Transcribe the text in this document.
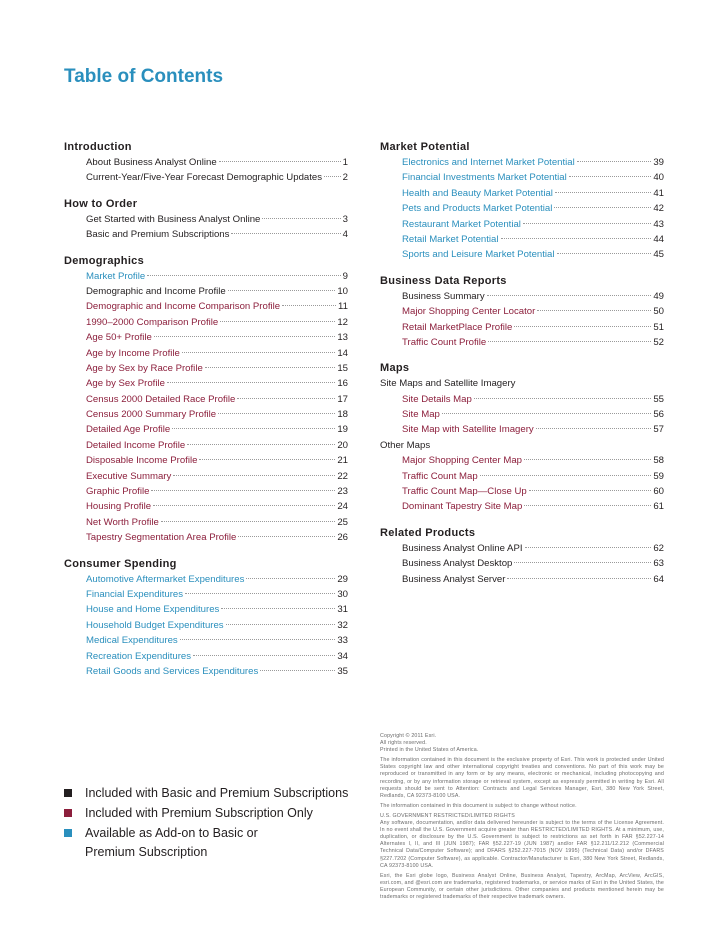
Table of Contents
Introduction
About Business Analyst Online	1
Current-Year/Five-Year Forecast Demographic Updates 2
How to Order
Get Started with Business Analyst Online	3
Basic and Premium Subscriptions	4
Demographics
Market Profile	9
Demographic and Income Profile	10
Demographic and Income Comparison Profile	11
1990–2000 Comparison Profile	12
Age 50+ Profile	13
Age by Income Profile	14
Age by Sex by Race Profile	15
Age by Sex Profile	16
Census 2000 Detailed Race Profile	17
Census 2000 Summary Profile	18
Detailed Age Profile	19
Detailed Income Profile	20
Disposable Income Profile	21
Executive Summary	22
Graphic Profile	23
Housing Profile	24
Net Worth Profile	25
Tapestry Segmentation Area Profile	26
Consumer Spending
Automotive Aftermarket Expenditures	29
Financial Expenditures	30
House and Home Expenditures	31
Household Budget Expenditures	32
Medical Expenditures	33
Recreation Expenditures	34
Retail Goods and Services Expenditures	35
Market Potential
Electronics and Internet Market Potential	39
Financial Investments Market Potential	40
Health and Beauty Market Potential	41
Pets and Products Market Potential	42
Restaurant Market Potential	43
Retail Market Potential	44
Sports and Leisure Market Potential	45
Business Data Reports
Business Summary	49
Major Shopping Center Locator	50
Retail MarketPlace Profile	51
Traffic Count Profile	52
Maps
Site Maps and Satellite Imagery
Site Details Map	55
Site Map	56
Site Map with Satellite Imagery	57
Other Maps
Major Shopping Center Map	58
Traffic Count Map	59
Traffic Count Map—Close Up	60
Dominant Tapestry Site Map	61
Related Products
Business Analyst Online API	62
Business Analyst Desktop	63
Business Analyst Server	64
Included with Basic and Premium Subscriptions
Included with Premium Subscription Only
Available as Add-on to Basic or
Premium Subscription

Copyright © 2011 Esri.
All rights reserved.
Printed in the United States of America.

The information contained in this document is the exclusive property of Esri. This work is protected under United States copyright law and other international copyright treaties and conventions. No part of this work may be reproduced or transmitted in any form or by any means, electronic or mechanical, including photocopying and recording, or by any information storage or retrieval system, except as expressly permitted in writing by Esri. All requests should be sent to Attention: Contracts and Legal Services Manager, Esri, 380 New York Street, Redlands, CA 92373-8100 USA.

The information contained in this document is subject to change without notice.

U.S. GOVERNMENT RESTRICTED/LIMITED RIGHTS
Any software, documentation, and/or data delivered hereunder is subject to the terms of the License Agreement. In no event shall the U.S. Government acquire greater than RESTRICTED/LIMITED RIGHTS. At a minimum, use, duplication, or disclosure by the U.S. Government is subject to restrictions as set forth in FAR §52.227-14 Alternates I, II, and III (JUN 1987); FAR §52.227-19 (JUN 1987) and/or FAR §12.211/12.212 (Commercial Technical Data/Computer Software); and DFARS §252.227-7015 (NOV 1995) (Technical Data) and/or DFARS §227.7202 (Computer Software), as applicable. Contractor/Manufacturer is Esri, 380 New York Street, Redlands, CA 92373-8100 USA.

Esri, the Esri globe logo, Business Analyst Online, Business Analyst, Tapestry, ArcMap, ArcView, ArcGIS, esri.com, and @esri.com are trademarks, registered trademarks, or service marks of Esri in the United States, the European Community, or certain other jurisdictions. Other companies and products mentioned herein may be trademarks or registered trademarks of their respective trademark owners.
